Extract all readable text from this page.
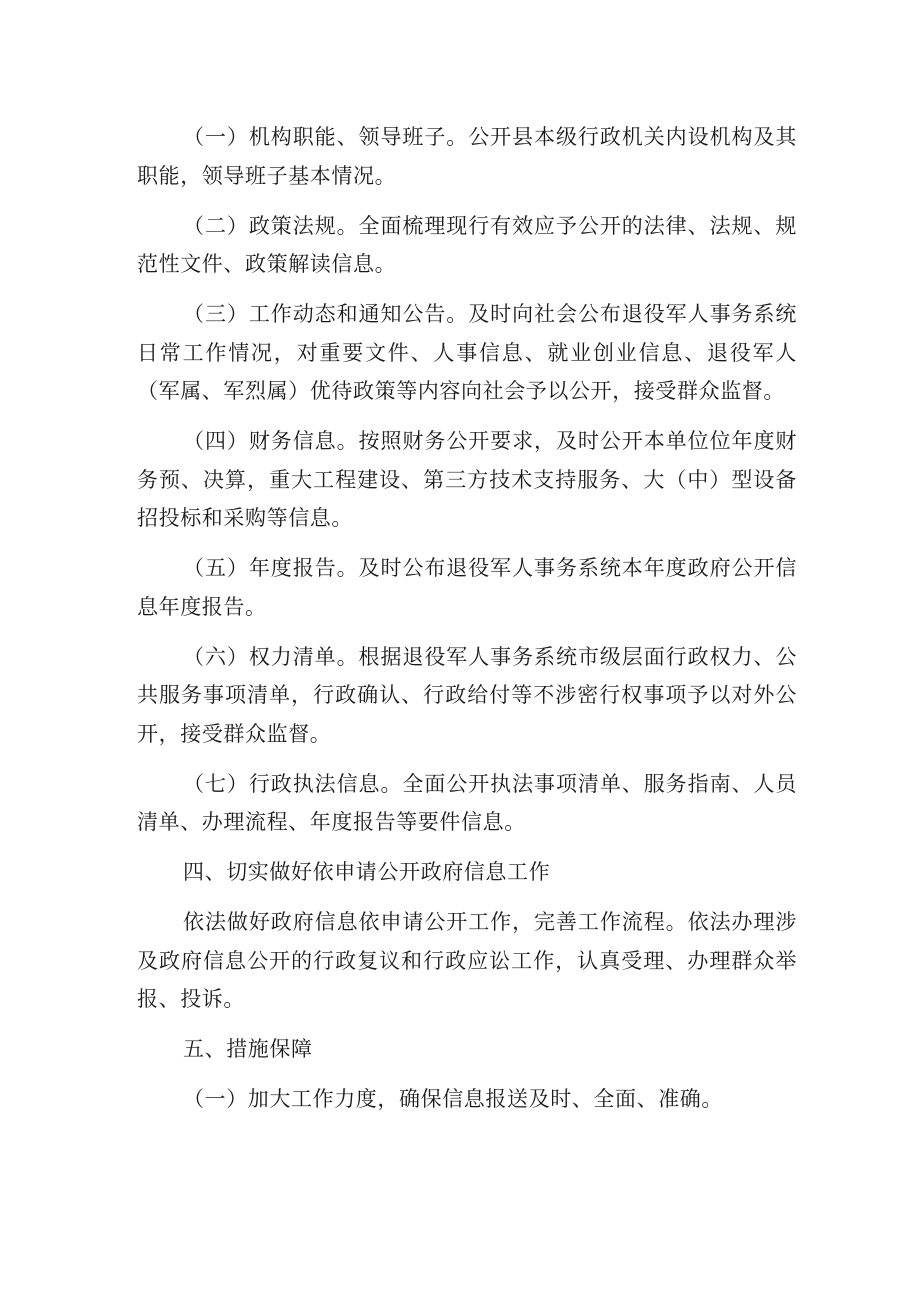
（一）机构职能、领导班子。公开县本级行政机关内设机构及其职能，领导班子基本情况。

（二）政策法规。全面梳理现行有效应予公开的法律、法规、规范性文件、政策解读信息。

（三）工作动态和通知公告。及时向社会公布退役军人事务系统日常工作情况，对重要文件、人事信息、就业创业信息、退役军人（军属、军烈属）优待政策等内容向社会予以公开，接受群众监督。

（四）财务信息。按照财务公开要求，及时公开本单位位年度财务预、决算，重大工程建设、第三方技术支持服务、大（中）型设备招投标和采购等信息。

（五）年度报告。及时公布退役军人事务系统本年度政府公开信息年度报告。

（六）权力清单。根据退役军人事务系统市级层面行政权力、公共服务事项清单，行政确认、行政给付等不涉密行权事项予以对外公开，接受群众监督。

（七）行政执法信息。全面公开执法事项清单、服务指南、人员清单、办理流程、年度报告等要件信息。

四、切实做好依申请公开政府信息工作

依法做好政府信息依申请公开工作，完善工作流程。依法办理涉及政府信息公开的行政复议和行政应讼工作，认真受理、办理群众举报、投诉。

五、措施保障

（一）加大工作力度，确保信息报送及时、全面、准确。
